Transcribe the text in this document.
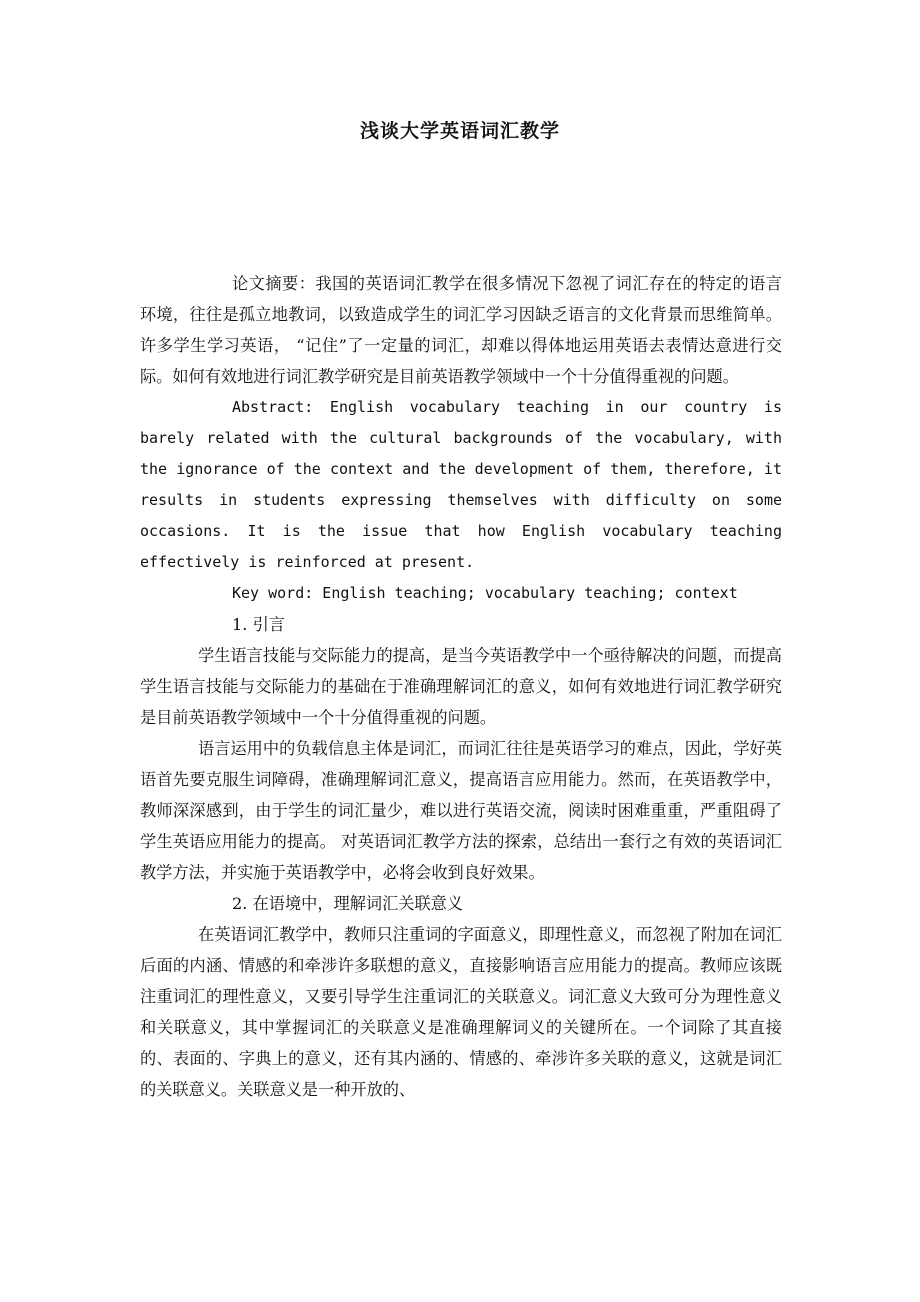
浅谈大学英语词汇教学

论文摘要：我国的英语词汇教学在很多情况下忽视了词汇存在的特定的语言环境，往往是孤立地教词，以致造成学生的词汇学习因缺乏语言的文化背景而思维简单。 许多学生学习英语， “记住”了一定量的词汇，却难以得体地运用英语去表情达意进行交际。如何有效地进行词汇教学研究是目前英语教学领域中一个十分值得重视的问题。

Abstract: English vocabulary teaching in our country is barely related with the cultural backgrounds of the vocabulary, with the ignorance of the context and the development of them, therefore, it results in students expressing themselves with difficulty on some occasions. It is the issue that how English vocabulary teaching effectively is reinforced at present.

Key word: English teaching; vocabulary teaching; context

1. 引言

学生语言技能与交际能力的提高，是当今英语教学中一个亟待解决的问题，而提高学生语言技能与交际能力的基础在于准确理解词汇的意义，如何有效地进行词汇教学研究是目前英语教学领域中一个十分值得重视的问题。

语言运用中的负载信息主体是词汇，而词汇往往是英语学习的难点，因此，学好英语首先要克服生词障碍，准确理解词汇意义，提高语言应用能力。然而，在英语教学中，教师深深感到，由于学生的词汇量少，难以进行英语交流，阅读时困难重重，严重阻碍了学生英语应用能力的提高。 对英语词汇教学方法的探索，总结出一套行之有效的英语词汇教学方法，并实施于英语教学中，必将会收到良好效果。

2. 在语境中，理解词汇关联意义

在英语词汇教学中，教师只注重词的字面意义，即理性意义，而忽视了附加在词汇后面的内涵、情感的和牵涉许多联想的意义，直接影响语言应用能力的提高。教师应该既注重词汇的理性意义，又要引导学生注重词汇的关联意义。词汇意义大致可分为理性意义和关联意义，其中掌握词汇的关联意义是准确理解词义的关键所在。一个词除了其直接的、表面的、字典上的意义，还有其内涵的、情感的、牵涉许多关联的意义，这就是词汇的关联意义。关联意义是一种开放的、
